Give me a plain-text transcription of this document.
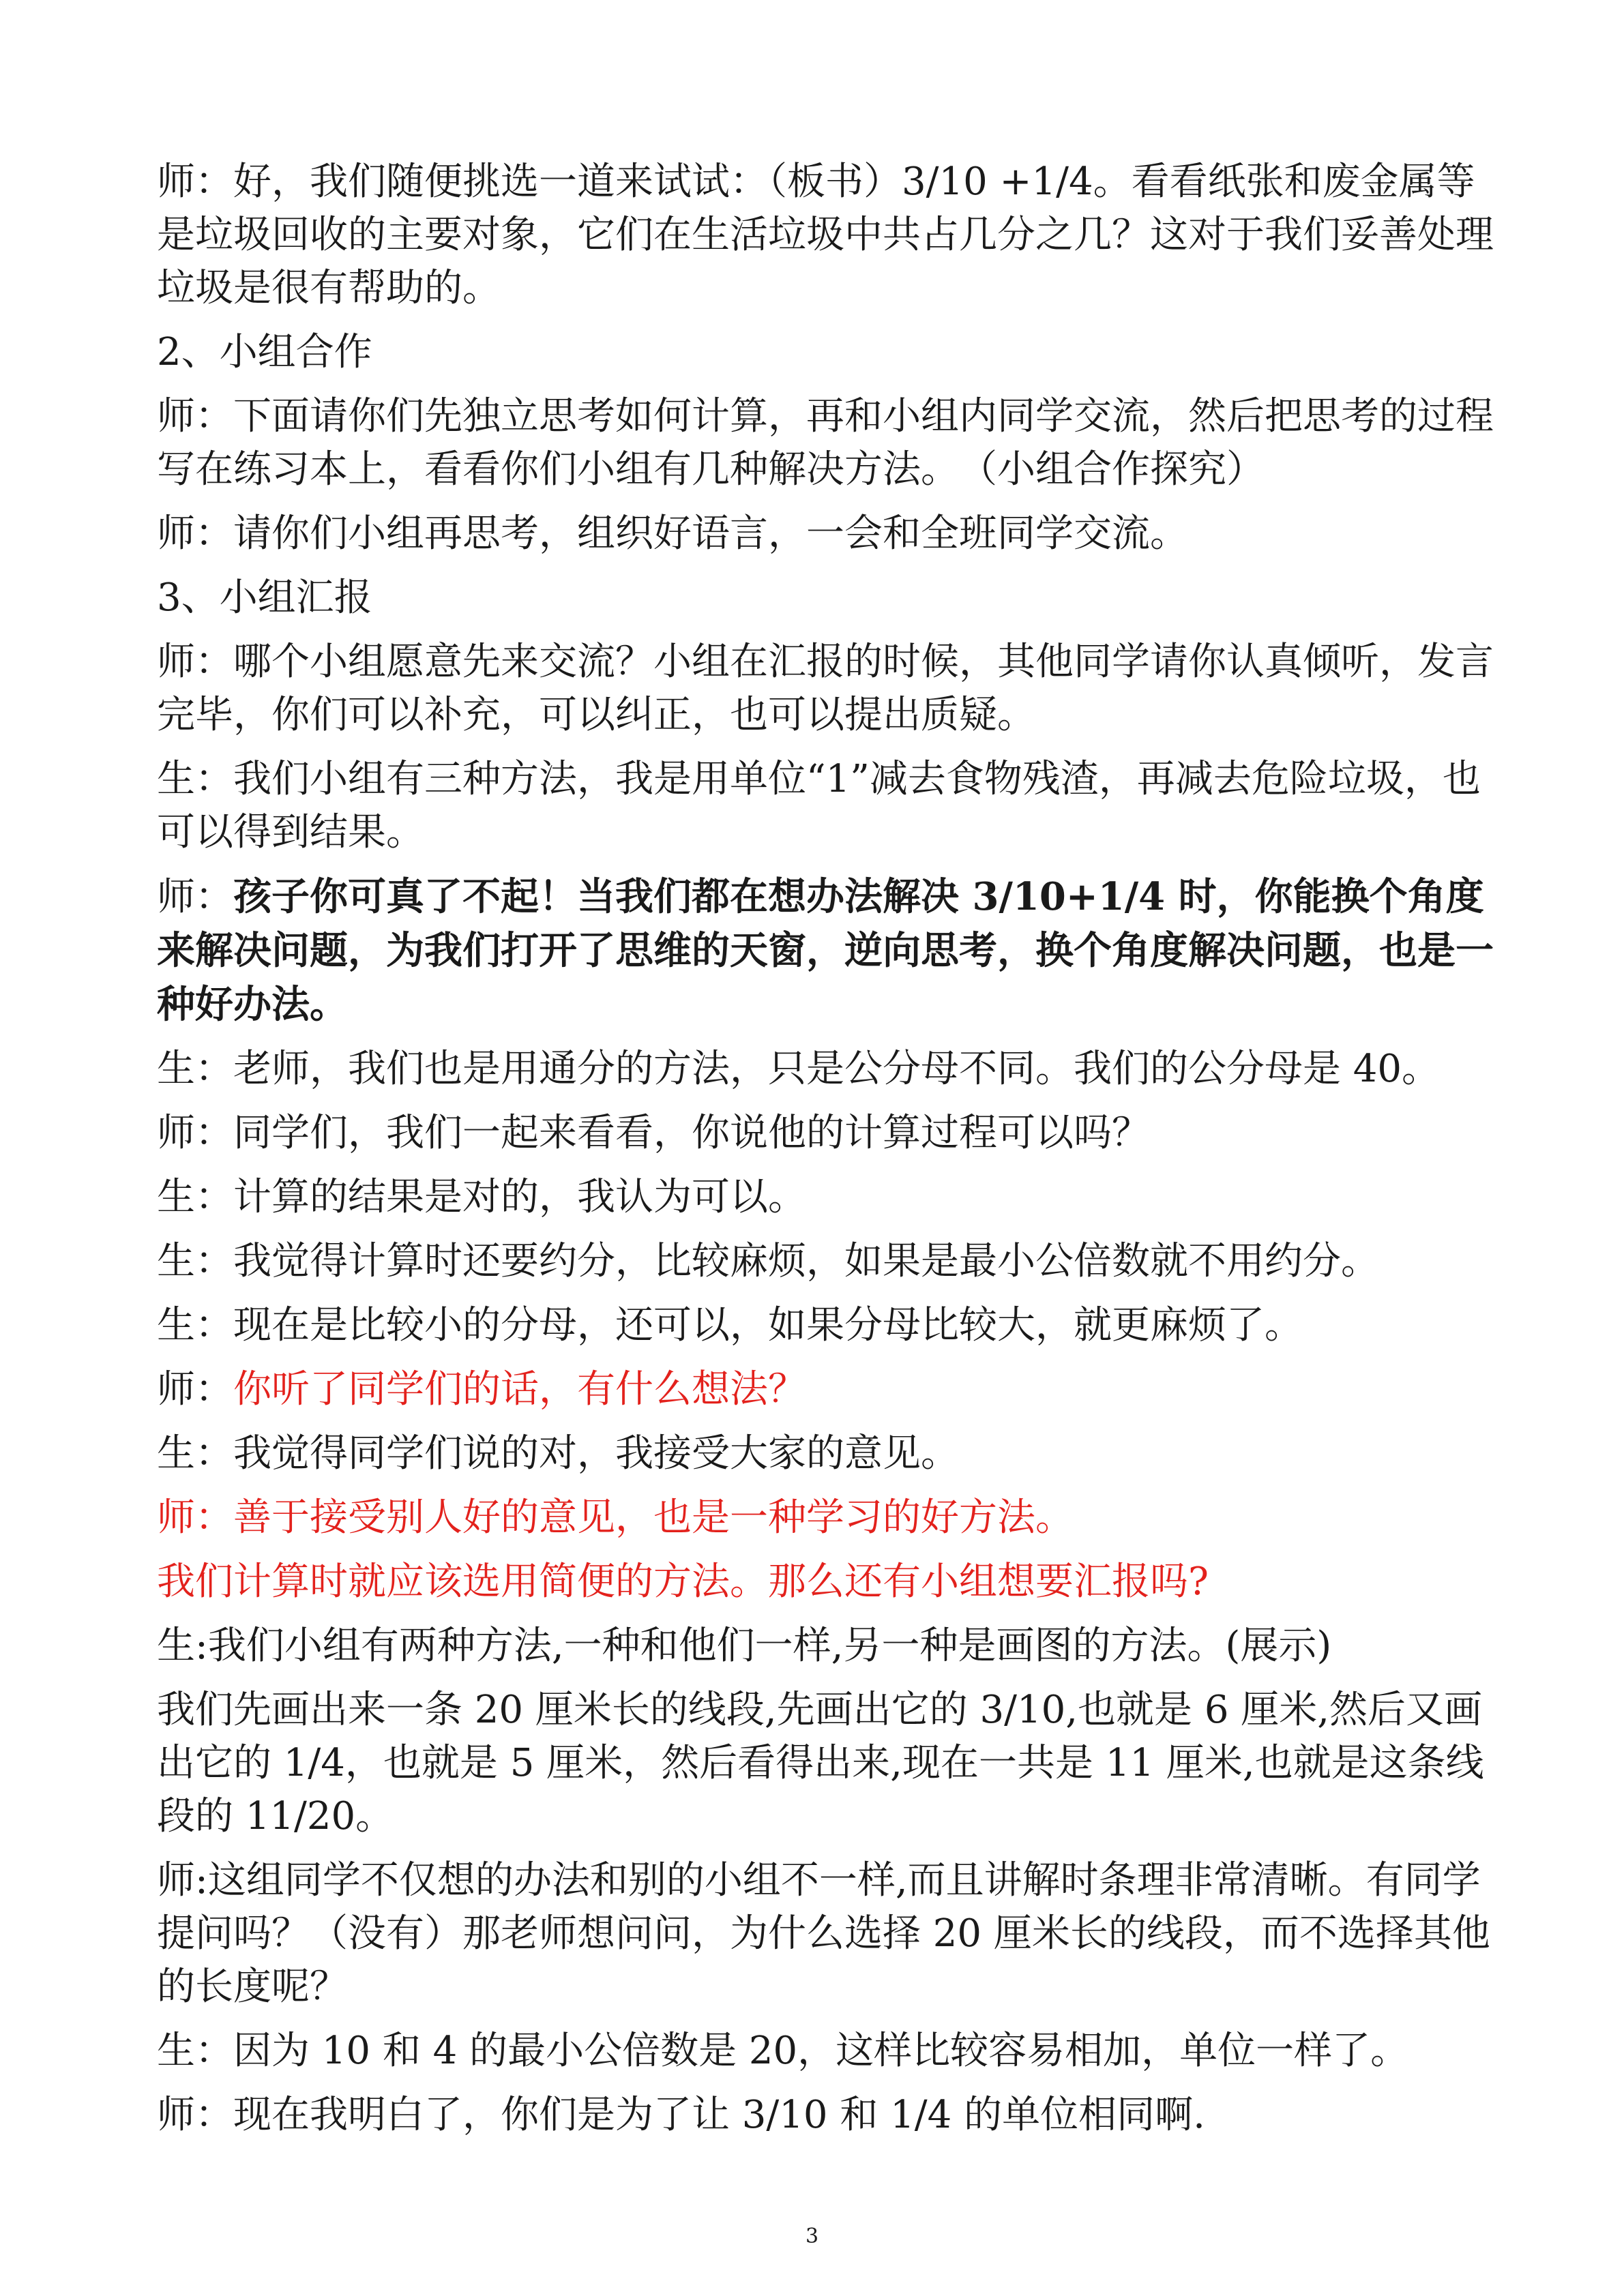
师：好，我们随便挑选一道来试试：（板书）3/10 +1/4。看看纸张和废金属等是垃圾回收的主要对象，它们在生活垃圾中共占几分之几？这对于我们妥善处理垃圾是很有帮助的。

2、小组合作

师：下面请你们先独立思考如何计算，再和小组内同学交流，然后把思考的过程写在练习本上，看看你们小组有几种解决方法。　（小组合作探究）

师：请你们小组再思考，组织好语言，一会和全班同学交流。

3、小组汇报

师：哪个小组愿意先来交流？小组在汇报的时候，其他同学请你认真倾听，发言完毕，你们可以补充，可以纠正，也可以提出质疑。

生：我们小组有三种方法，我是用单位“1”减去食物残渣，再减去危险垃圾，也可以得到结果。

师：孩子你可真了不起！当我们都在想办法解决 3/10+1/4 时，你能换个角度来解决问题，为我们打开了思维的天窗，逆向思考，换个角度解决问题，也是一种好办法。

生：老师，我们也是用通分的方法，只是公分母不同。我们的公分母是 40。

师：同学们，我们一起来看看，你说他的计算过程可以吗？

生：计算的结果是对的，我认为可以。

生：我觉得计算时还要约分，比较麻烦，如果是最小公倍数就不用约分。

生：现在是比较小的分母，还可以，如果分母比较大，就更麻烦了。

师：你听了同学们的话，有什么想法？

生：我觉得同学们说的对，我接受大家的意见。

师：善于接受别人好的意见，也是一种学习的好方法。

我们计算时就应该选用简便的方法。那么还有小组想要汇报吗?

生:我们小组有两种方法,一种和他们一样,另一种是画图的方法。(展示)

我们先画出来一条 20 厘米长的线段,先画出它的 3/10,也就是 6 厘米,然后又画出它的 1/4，也就是 5 厘米，然后看得出来,现在一共是 11 厘米,也就是这条线段的 11/20。

师:这组同学不仅想的办法和别的小组不一样,而且讲解时条理非常清晰。有同学提问吗？（没有）那老师想问问，为什么选择 20 厘米长的线段，而不选择其他的长度呢？

生：因为 10 和 4 的最小公倍数是 20，这样比较容易相加，单位一样了。

师：现在我明白了，你们是为了让 3/10 和 1/4 的单位相同啊.

3
